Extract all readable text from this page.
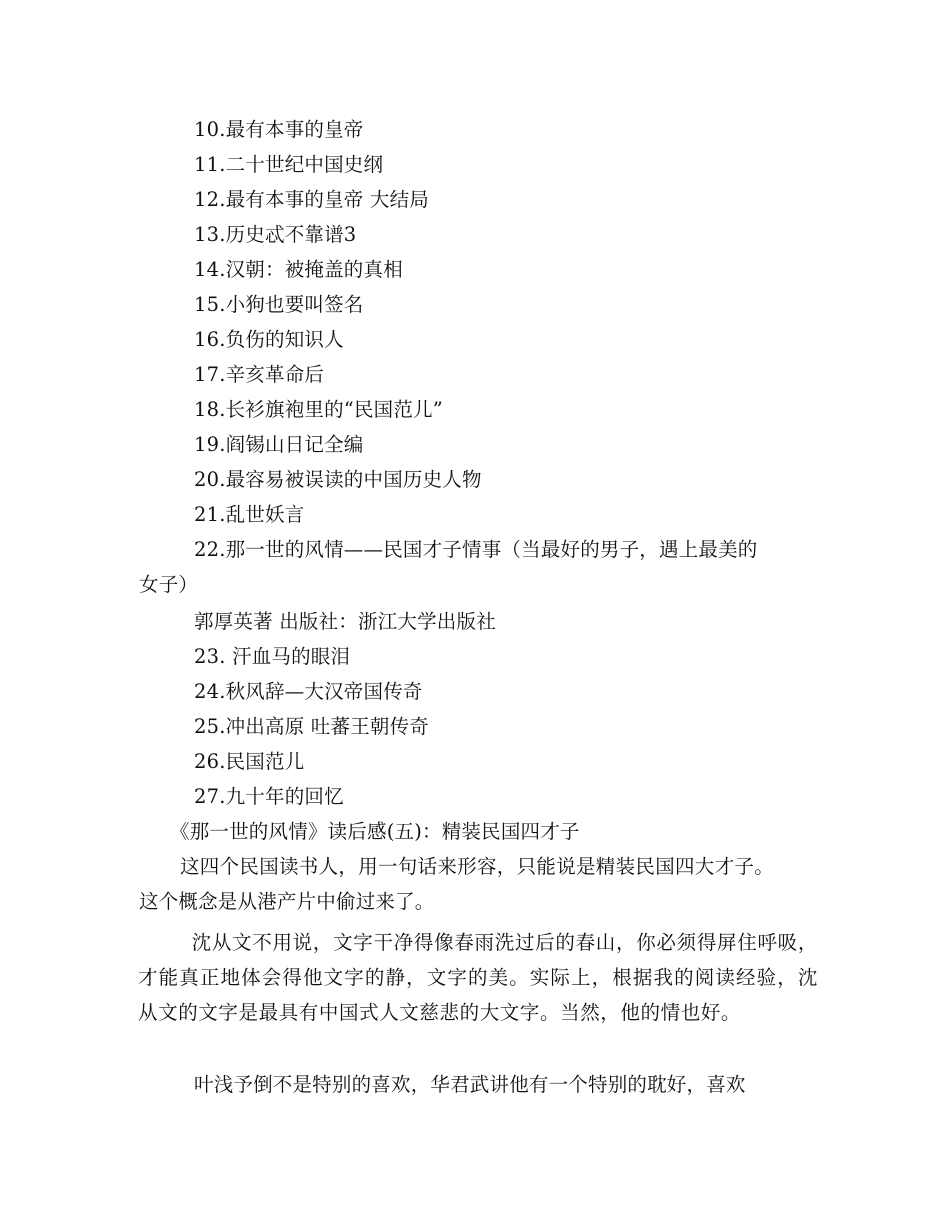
10.最有本事的皇帝
11.二十世纪中国史纲
12.最有本事的皇帝 大结局
13.历史忒不靠谱3
14.汉朝：被掩盖的真相
15.小狗也要叫签名
16.负伤的知识人
17.辛亥革命后
18.长衫旗袍里的“民国范儿”
19.阎锡山日记全编
20.最容易被误读的中国历史人物
21.乱世妖言
22.那一世的风情——民国才子情事（当最好的男子，遇上最美的
女子）
郭厚英著 出版社：浙江大学出版社
23. 汗血马的眼泪
24.秋风辞—大汉帝国传奇
25.冲出高原 吐蕃王朝传奇
26.民国范儿
27.九十年的回忆
《那一世的风情》读后感(五)：精装民国四才子
这四个民国读书人，用一句话来形容，只能说是精装民国四大才子。
这个概念是从港产片中偷过来了。
沈从文不用说，文字干净得像春雨洗过后的春山，你必须得屏住呼吸，才能真正地体会得他文字的静，文字的美。实际上，根据我的阅读经验，沈从文的文字是最具有中国式人文慈悲的大文字。当然，他的情也好。
叶浅予倒不是特别的喜欢，华君武讲他有一个特别的耽好，喜欢
